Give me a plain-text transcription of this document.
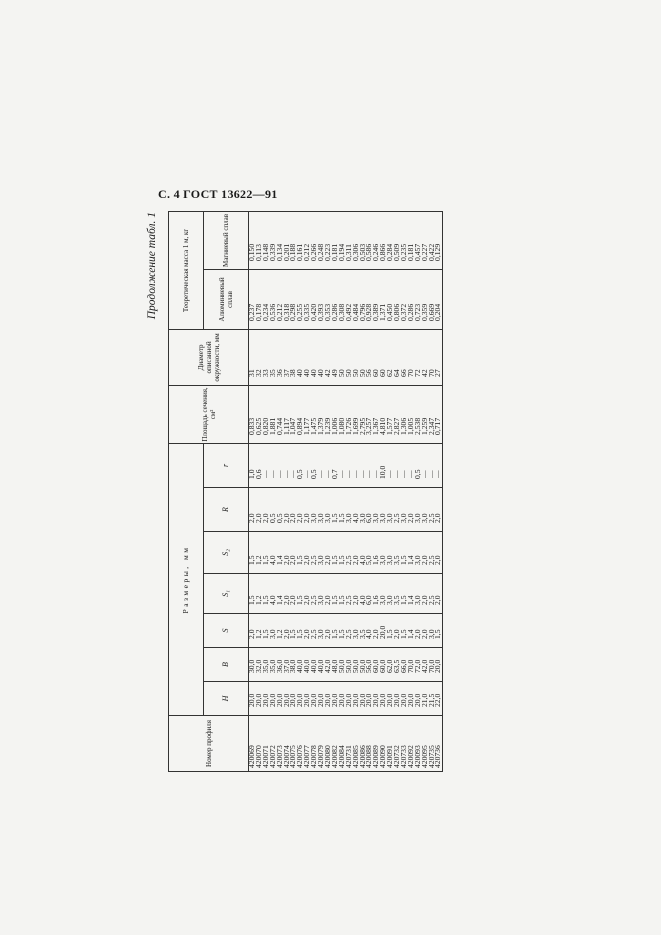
С. 4 ГОСТ 13622—91
Продолжение табл. 1
Номер профиля	Размеры, мм							Площадь сечения, см²	Диаметр описанной окружности, мм	Теоретическая масса 1 м, кг	
	H	B	S	S₁	S₂	R	r			Алюминиевый сплав	Магниевый сплав
420069	20,0	30,0	2,0	1,5	1,5	2,0	1,0	0,833	31	0,237	0,150
420070	20,0	32,0	1,2	1,2	1,2	2,0	0,6	0,625	32	0,178	0,113
420071	20,0	35,0	1,5	1,5	1,5	2,0	—	0,820	33	0,234	0,148
420072	20,0	35,0	3,0	4,0	4,0	0,5	—	1,881	35	0,536	0,339
420073	20,0	36,0	1,2	1,4	1,4	0,5	—	0,744	36	0,212	0,134
420074	20,0	37,0	2,0	2,0	2,0	2,0	—	1,117	37	0,318	0,201
420075	20,0	38,0	1,5	2,0	2,0	2,0	—	1,047	38	0,298	0,188
420076	20,0	40,0	1,5	1,5	1,5	2,0	0,5	0,894	40	0,255	0,161
420077	20,0	40,0	2,0	2,0	2,0	2,0	—	1,177	40	0,335	0,212
420078	20,0	40,0	2,5	2,5	2,5	3,0	0,5	1,475	40	0,420	0,266
420079	20,0	40,0	3,0	3,0	3,0	3,0	—	1,379	40	0,393	0,248
420080	20,0	42,0	2,0	2,0	2,0	3,0	—	1,239	42	0,353	0,223
420082	20,0	48,0	1,5	1,5	1,5	1,5	0,7	1,006	49	0,286	0,181
420084	20,0	50,0	1,5	1,5	1,5	1,5	—	1,080	50	0,308	0,194
420731	20,0	50,0	2,5	2,5	2,5	3,0	—	1,726	50	0,492	0,311
420085	20,0	50,0	3,0	2,0	2,0	4,0	—	1,699	50	0,484	0,306
420086	20,0	50,0	3,5	4,0	4,0	3,0	—	2,795	50	0,796	0,503
420088	20,0	56,0	4,0	6,0	5,0	6,0	—	3,257	56	0,928	0,586
420089	20,0	60,0	2,0	1,6	1,6	3,0	—	1,367	60	0,389	0,246
420090	20,0	60,0	20,0	3,0	3,0	3,0	10,0	4,810	60	1,371	0,866
420091	20,0	62,0	1,5	3,0	3,0	3,0	—	1,577	62	0,450	0,284
420732	20,0	63,5	2,0	3,5	3,5	2,5	—	2,827	64	0,806	0,509
420733	20,0	66,0	1,5	1,5	1,5	3,0	—	1,306	66	0,372	0,235
420092	20,0	70,0	1,4	1,4	1,4	2,0	—	1,005	70	0,286	0,181
420093	20,0	72,0	2,0	3,0	3,0	3,0	0,5	2,538	72	0,723	0,457
420095	21,0	42,0	2,0	2,0	2,0	3,0	—	1,259	42	0,359	0,227
420735	21,5	70,0	3,0	2,5	2,5	2,5	—	2,347	70	0,669	0,422
420736	22,0	20,0	1,5	2,0	2,0	2,0	—	0,717	27	0,204	0,129
